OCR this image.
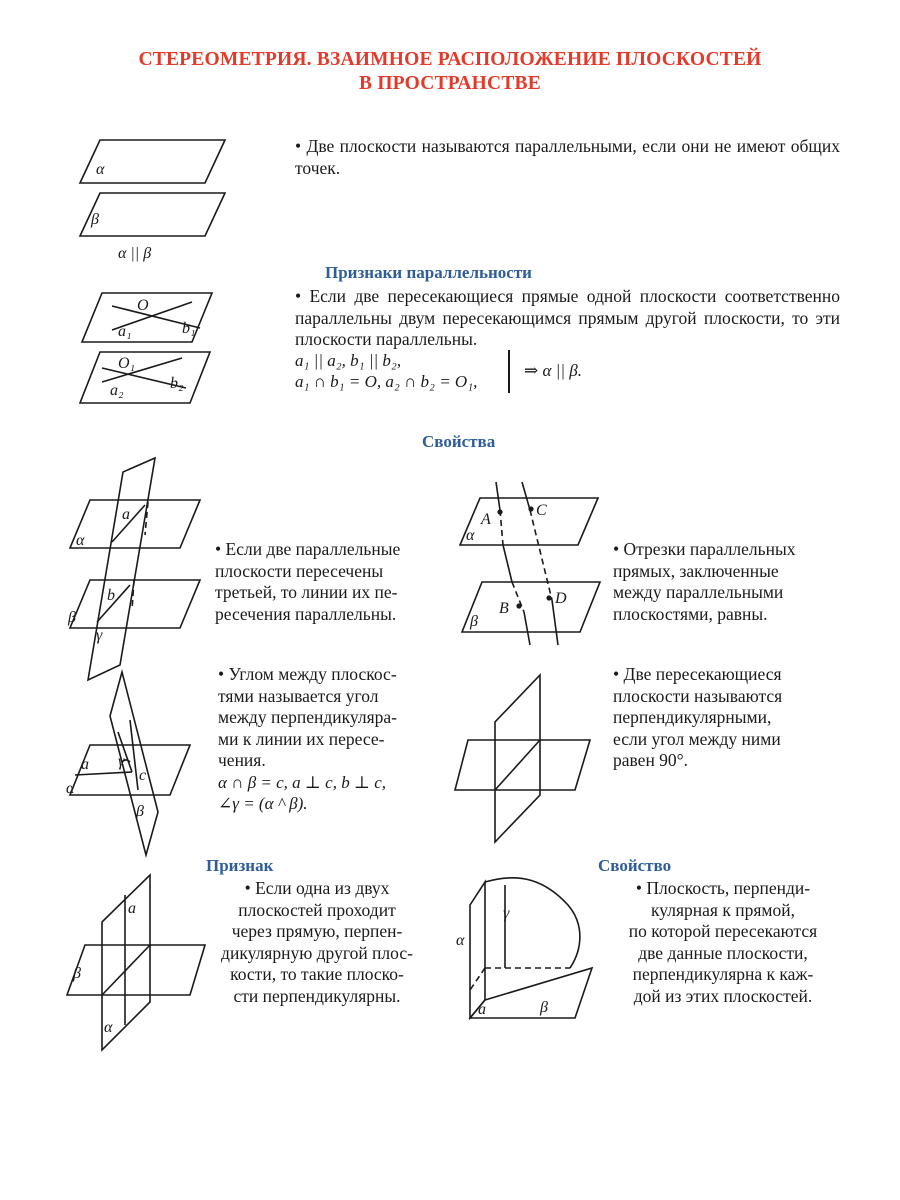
СТЕРЕОМЕТРИЯ. ВЗАИМНОЕ РАСПОЛОЖЕНИЕ ПЛОСКОСТЕЙ
В ПРОСТРАНСТВЕ
α
β
α || β
• Две плоскости называются параллельными, если они не имеют общих точек.
Признаки параллельности
• Если две пересекающиеся прямые одной плоскости соответственно параллельны двум пересекающимся прямым другой плоскости, то эти плоскости параллельны.
a₁ || a₂, b₁ || b₂,
a₁ ∩ b₁ = O, a₂ ∩ b₂ = O₁,
⇒ α || β.
O
a₁	b₁
O₁
a₂	b₂
Свойства
a
b
α
β
γ
• Если две параллельные
плоскости пересечены
третьей, то линии их пе-
ресечения параллельны.
A
C
B
D
α
β
• Отрезки параллельных
прямых, заключенные
между параллельными
плоскостями, равны.
a γ
c
α
β
• Углом между плоскос-
тями называется угол
между перпендикуляра-
ми к линии их пересе-
чения.
α ∩ β = c, a ⊥ c, b ⊥ c,
∠γ = (α ^ β).
• Две пересекающиеся
плоскости называются
перпендикулярными,
если угол между ними
равен 90°.
Признак
a
β
α
• Если одна из двух
плоскостей проходит
через прямую, перпен-
дикулярную другой плос-
кости, то такие плоско-
сти перпендикулярны.
Свойство
γ
α
a	β
• Плоскость, перпенди-
кулярная к прямой,
по которой пересекаются
две данные плоскости,
перпендикулярна к каж-
дой из этих плоскостей.
